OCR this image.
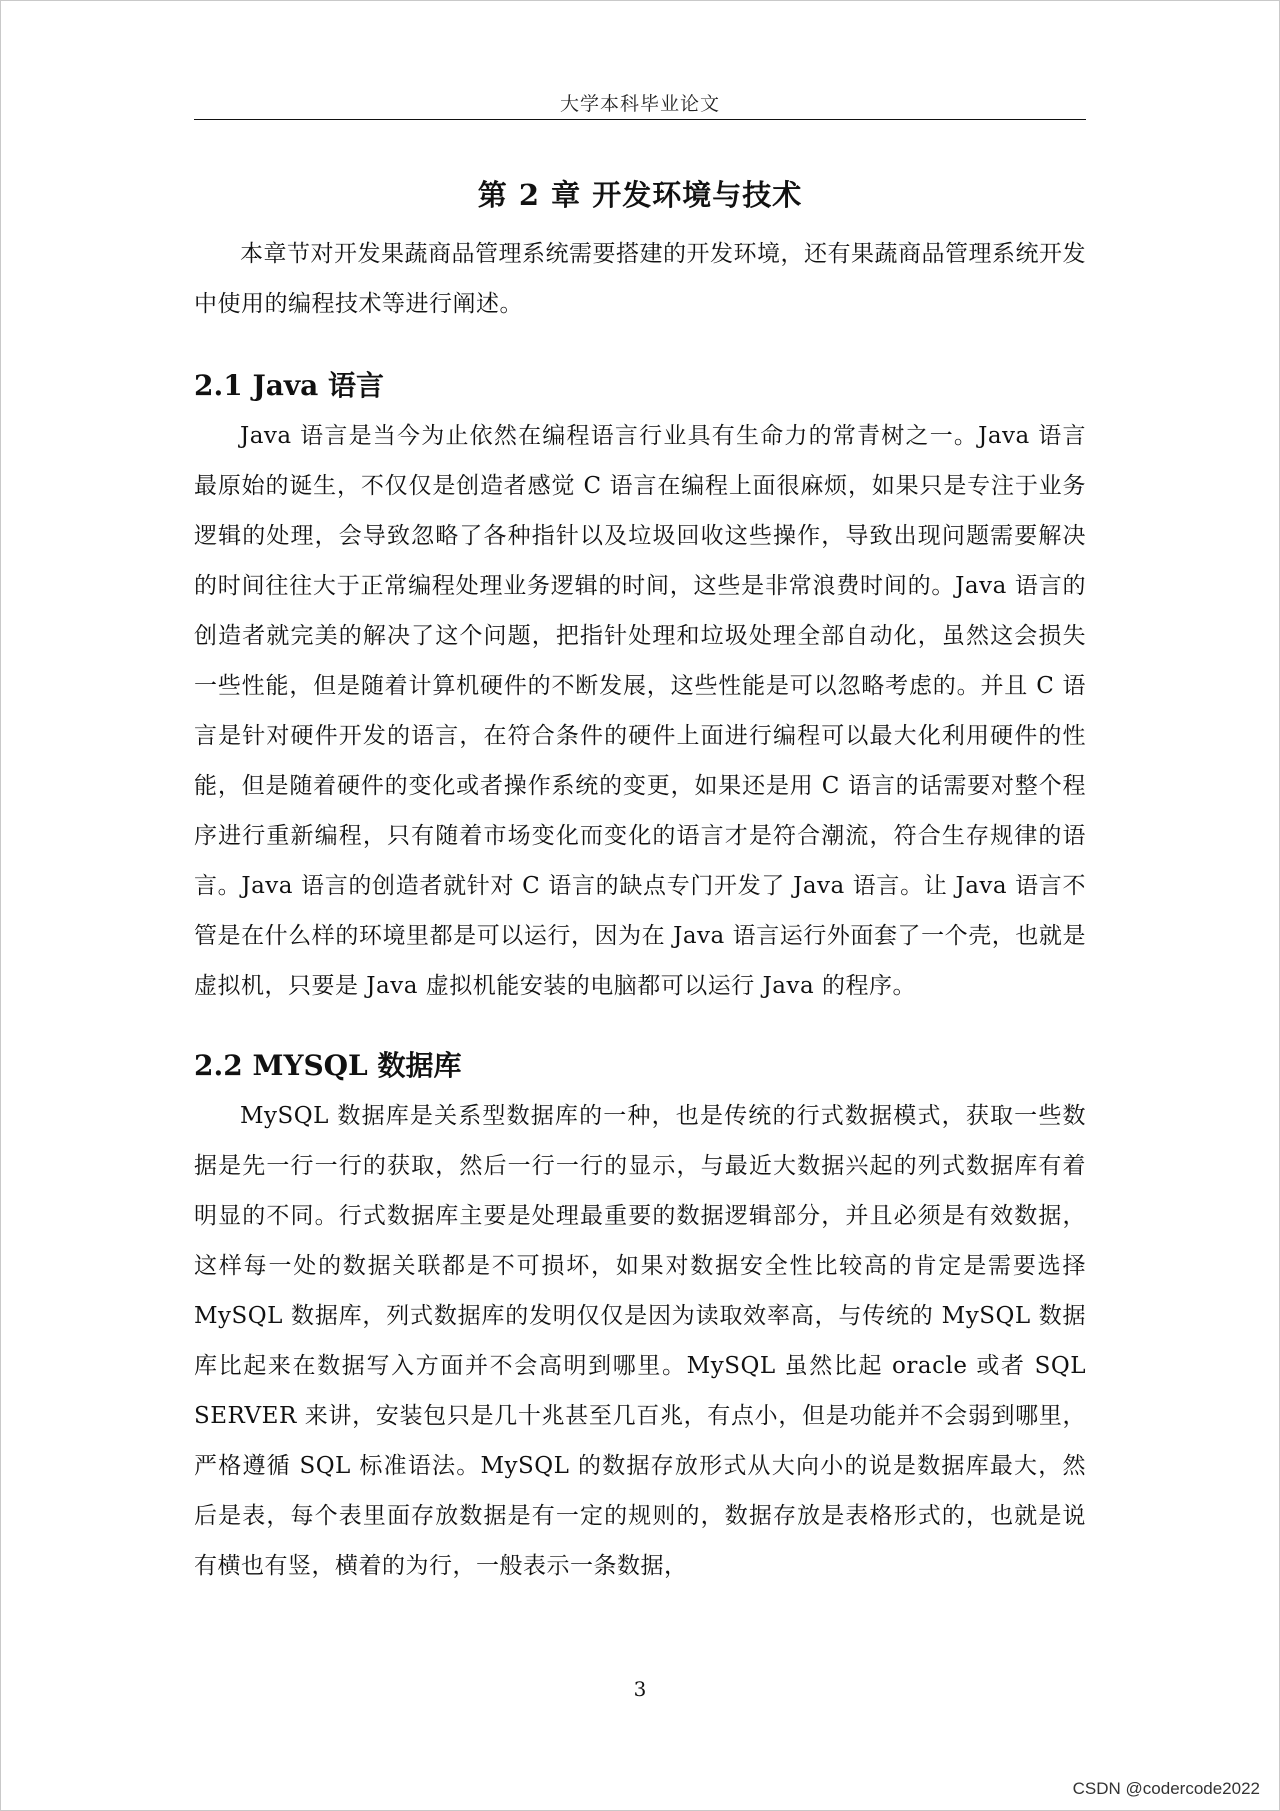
大学本科毕业论文
第 2 章 开发环境与技术

本章节对开发果蔬商品管理系统需要搭建的开发环境，还有果蔬商品管理系统开发中使用的编程技术等进行阐述。

2.1 Java 语言

Java 语言是当今为止依然在编程语言行业具有生命力的常青树之一。Java 语言最原始的诞生，不仅仅是创造者感觉 C 语言在编程上面很麻烦，如果只是专注于业务逻辑的处理，会导致忽略了各种指针以及垃圾回收这些操作，导致出现问题需要解决的时间往往大于正常编程处理业务逻辑的时间，这些是非常浪费时间的。Java 语言的创造者就完美的解决了这个问题，把指针处理和垃圾处理全部自动化，虽然这会损失一些性能，但是随着计算机硬件的不断发展，这些性能是可以忽略考虑的。并且 C 语言是针对硬件开发的语言，在符合条件的硬件上面进行编程可以最大化利用硬件的性能，但是随着硬件的变化或者操作系统的变更，如果还是用 C 语言的话需要对整个程序进行重新编程，只有随着市场变化而变化的语言才是符合潮流，符合生存规律的语言。Java 语言的创造者就针对 C 语言的缺点专门开发了 Java 语言。让 Java 语言不管是在什么样的环境里都是可以运行，因为在 Java 语言运行外面套了一个壳，也就是虚拟机，只要是 Java 虚拟机能安装的电脑都可以运行 Java 的程序。

2.2 MYSQL 数据库

MySQL 数据库是关系型数据库的一种，也是传统的行式数据模式，获取一些数据是先一行一行的获取，然后一行一行的显示，与最近大数据兴起的列式数据库有着明显的不同。行式数据库主要是处理最重要的数据逻辑部分，并且必须是有效数据，这样每一处的数据关联都是不可损坏，如果对数据安全性比较高的肯定是需要选择 MySQL 数据库，列式数据库的发明仅仅是因为读取效率高，与传统的 MySQL 数据库比起来在数据写入方面并不会高明到哪里。MySQL 虽然比起 oracle 或者 SQL SERVER 来讲，安装包只是几十兆甚至几百兆，有点小，但是功能并不会弱到哪里，严格遵循 SQL 标准语法。MySQL 的数据存放形式从大向小的说是数据库最大，然后是表，每个表里面存放数据是有一定的规则的，数据存放是表格形式的，也就是说有横也有竖，横着的为行，一般表示一条数据，

3
CSDN @codercode2022
